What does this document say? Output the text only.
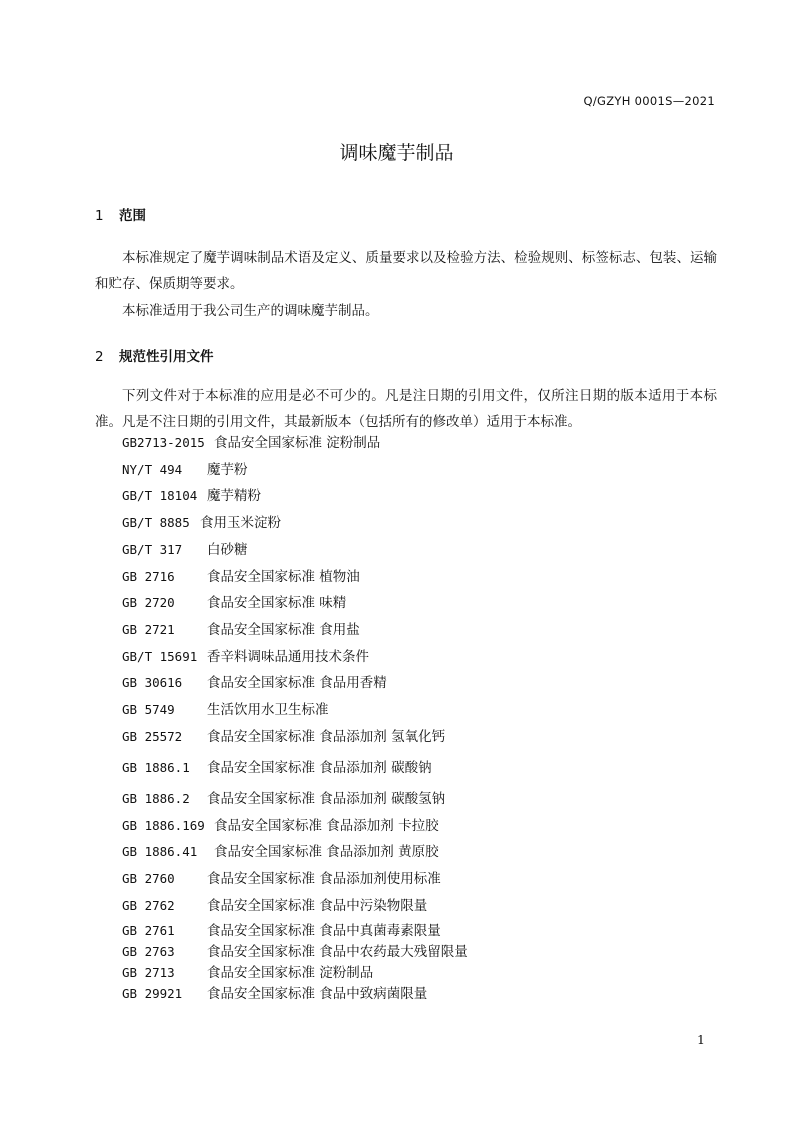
Q/GZYH 0001S—2021
调味魔芋制品
1 范围
本标准规定了魔芋调味制品术语及定义、质量要求以及检验方法、检验规则、标签标志、包装、运输和贮存、保质期等要求。
本标准适用于我公司生产的调味魔芋制品。
2 规范性引用文件
下列文件对于本标准的应用是必不可少的。凡是注日期的引用文件，仅所注日期的版本适用于本标准。凡是不注日期的引用文件，其最新版本（包括所有的修改单）适用于本标准。
GB2713-2015 食品安全国家标准 淀粉制品
NY/T 494 魔芋粉
GB/T 18104 魔芋精粉
GB/T 8885 食用玉米淀粉
GB/T 317 白砂糖
GB 2716 食品安全国家标准 植物油
GB 2720 食品安全国家标准 味精
GB 2721 食品安全国家标准 食用盐
GB/T 15691 香辛料调味品通用技术条件
GB 30616 食品安全国家标准 食品用香精
GB 5749 生活饮用水卫生标准
GB 25572 食品安全国家标准 食品添加剂 氢氧化钙
GB 1886.1 食品安全国家标准 食品添加剂 碳酸钠
GB 1886.2 食品安全国家标准 食品添加剂 碳酸氢钠
GB 1886.169 食品安全国家标准 食品添加剂 卡拉胶
GB 1886.41 食品安全国家标准 食品添加剂 黄原胶
GB 2760 食品安全国家标准 食品添加剂使用标准
GB 2762 食品安全国家标准 食品中污染物限量
GB 2761 食品安全国家标准 食品中真菌毒素限量
GB 2763 食品安全国家标准 食品中农药最大残留限量
GB 2713 食品安全国家标准 淀粉制品
GB 29921 食品安全国家标准 食品中致病菌限量
1
